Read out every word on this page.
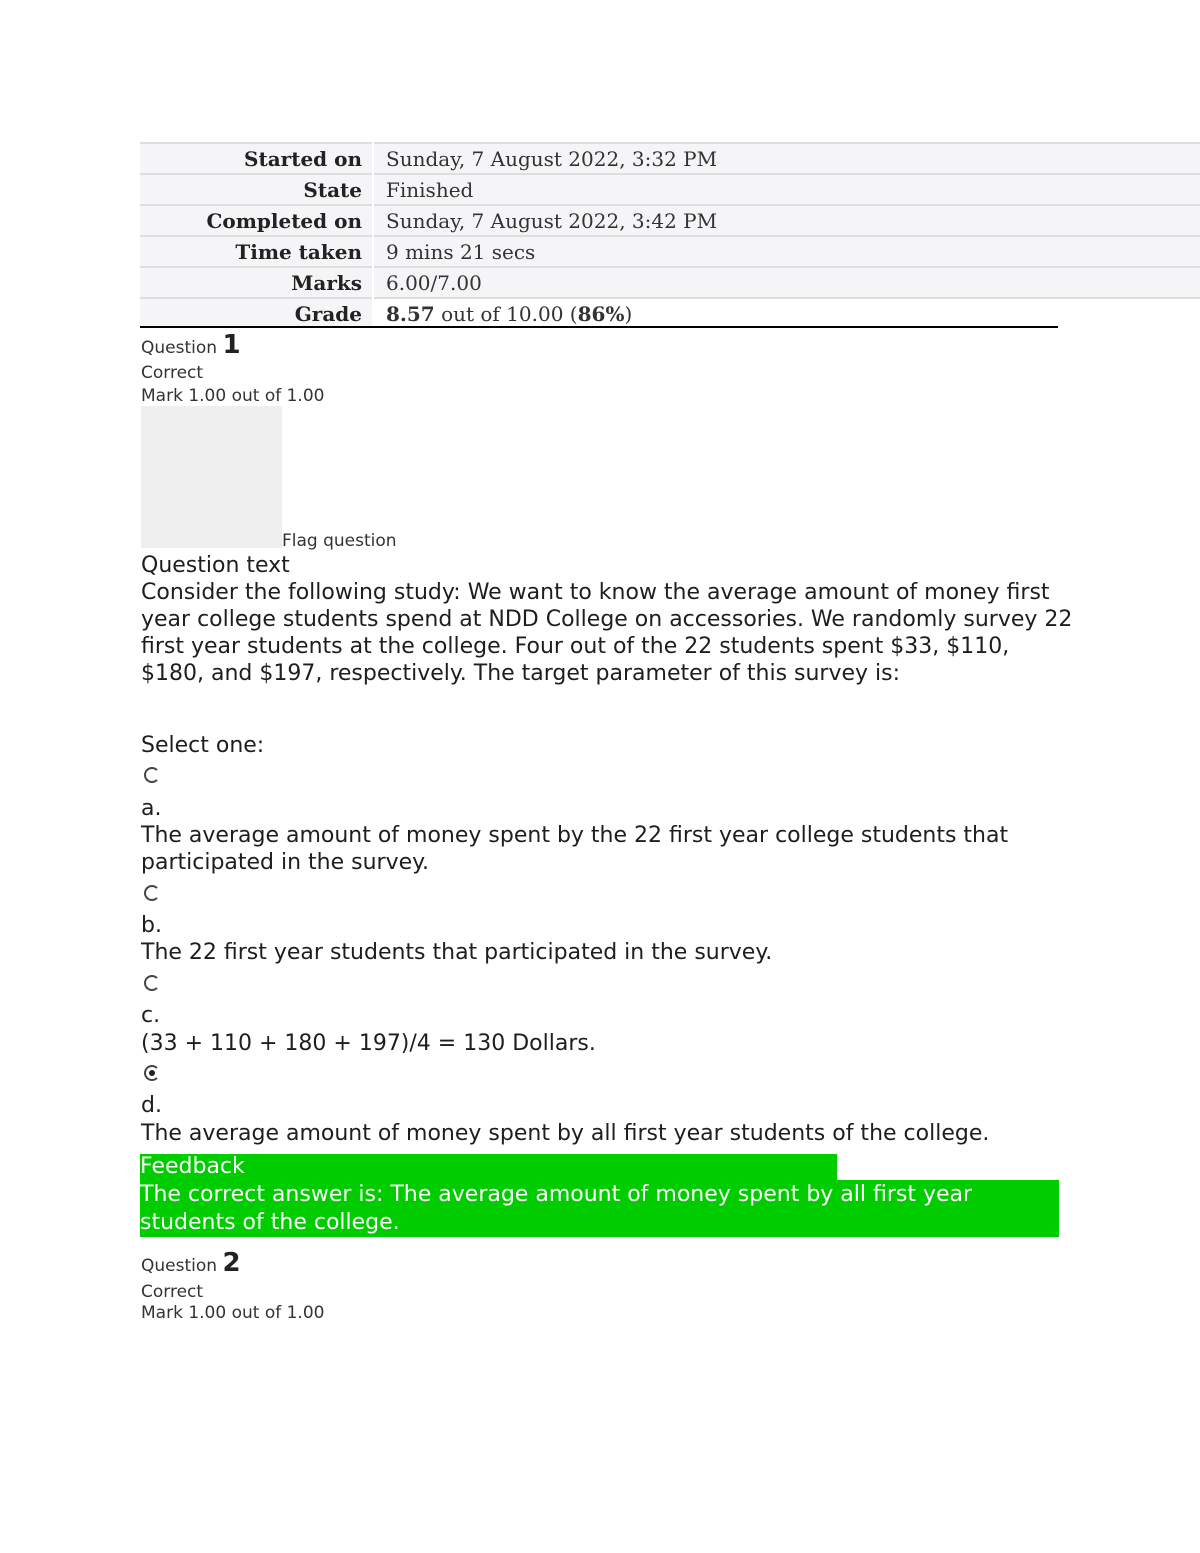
Started on	Sunday, 7 August 2022, 3:32 PM
State	Finished
Completed on	Sunday, 7 August 2022, 3:42 PM
Time taken	9 mins 21 secs
Marks	6.00/7.00
Grade	8.57 out of 10.00 (86%)
Question 1
Correct
Mark 1.00 out of 1.00
Flag question
Question text
Consider the following study: We want to know the average amount of money first year college students spend at NDD College on accessories. We randomly survey 22 first year students at the college. Four out of the 22 students spent $33, $110, $180, and $197, respectively. The target parameter of this survey is:
Select one:
a.
The average amount of money spent by the 22 first year college students that participated in the survey.
b.
The 22 first year students that participated in the survey.
c.
(33 + 110 + 180 + 197)/4 = 130 Dollars.
d.
The average amount of money spent by all first year students of the college.
Feedback
The correct answer is: The average amount of money spent by all first year students of the college.
Question 2
Correct
Mark 1.00 out of 1.00
